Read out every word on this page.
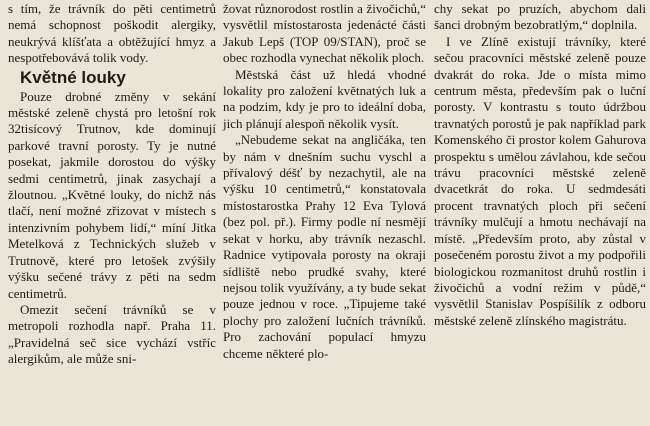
s tím, že trávník do pěti centimetrů nemá schopnost poškodit alergiky, neukrývá klíšťata a obtěžující hmyz a nespotřebovává tolik vody.

Květné louky

Pouze drobné změny v sekání městské zeleně chystá pro letošní rok 32tisícový Trutnov, kde dominují parkové travní porosty. Ty je nutné posekat, jakmile dorostou do výšky sedmi centimetrů, jinak zasychají a žloutnou. „Květné louky, do nichž nás tlačí, není možné zřizovat v místech s intenzivním pohybem lidí,“ míní Jitka Metelková z Technických služeb v Trutnově, které pro letošek zvýšily výšku sečené trávy z pěti na sedm centimetrů.

Omezit sečení trávníků se v metropoli rozhodla např. Praha 11. „Pravidelná seč sice vychází vstříc alergikům, ale může sni-

žovat různorodost rostlin a živočichů,“ vysvětlil místostarosta jedenácté části Jakub Lepš (TOP 09/STAN), proč se obec rozhodla vynechat několik ploch.

Městská část už hledá vhodné lokality pro založení květnatých luk a na podzim, kdy je pro to ideální doba, jich plánují alespoň několik vysít.

„Nebudeme sekat na angličáka, ten by nám v dnešním suchu vyschl a přívalový déšť by nezachytil, ale na výšku 10 centimetrů,“ konstatovala místostarostka Prahy 12 Eva Tylová (bez pol. př.). Firmy podle ní nesmějí sekat v horku, aby trávník nezaschl. Radnice vytipovala porosty na okraji sídliště nebo prudké svahy, které nejsou tolik využívány, a ty bude sekat pouze jednou v roce. „Tipujeme také plochy pro založení lučních trávníků. Pro zachování populací hmyzu chceme některé plo-

chy sekat po pruzích, abychom dali šanci drobným bezobratlým,“ doplnila.

I ve Zlíně existují trávníky, které sečou pracovníci městské zeleně pouze dvakrát do roka. Jde o místa mimo centrum města, především pak o luční porosty. V kontrastu s touto údržbou travnatých porostů je pak například park Komenského či prostor kolem Gahurova prospektu s umělou závlahou, kde sečou trávu pracovníci městské zeleně dvacetkrát do roka. U sedmdesáti procent travnatých ploch při sečení trávníky mulčují a hmotu nechávají na místě. „Především proto, aby zůstal v posečeném porostu život a my podpořili biologickou rozmanitost druhů rostlin i živočichů a vodní režim v půdě,“ vysvětlil Stanislav Pospíšilík z odboru městské zeleně zlínského magistrátu.
